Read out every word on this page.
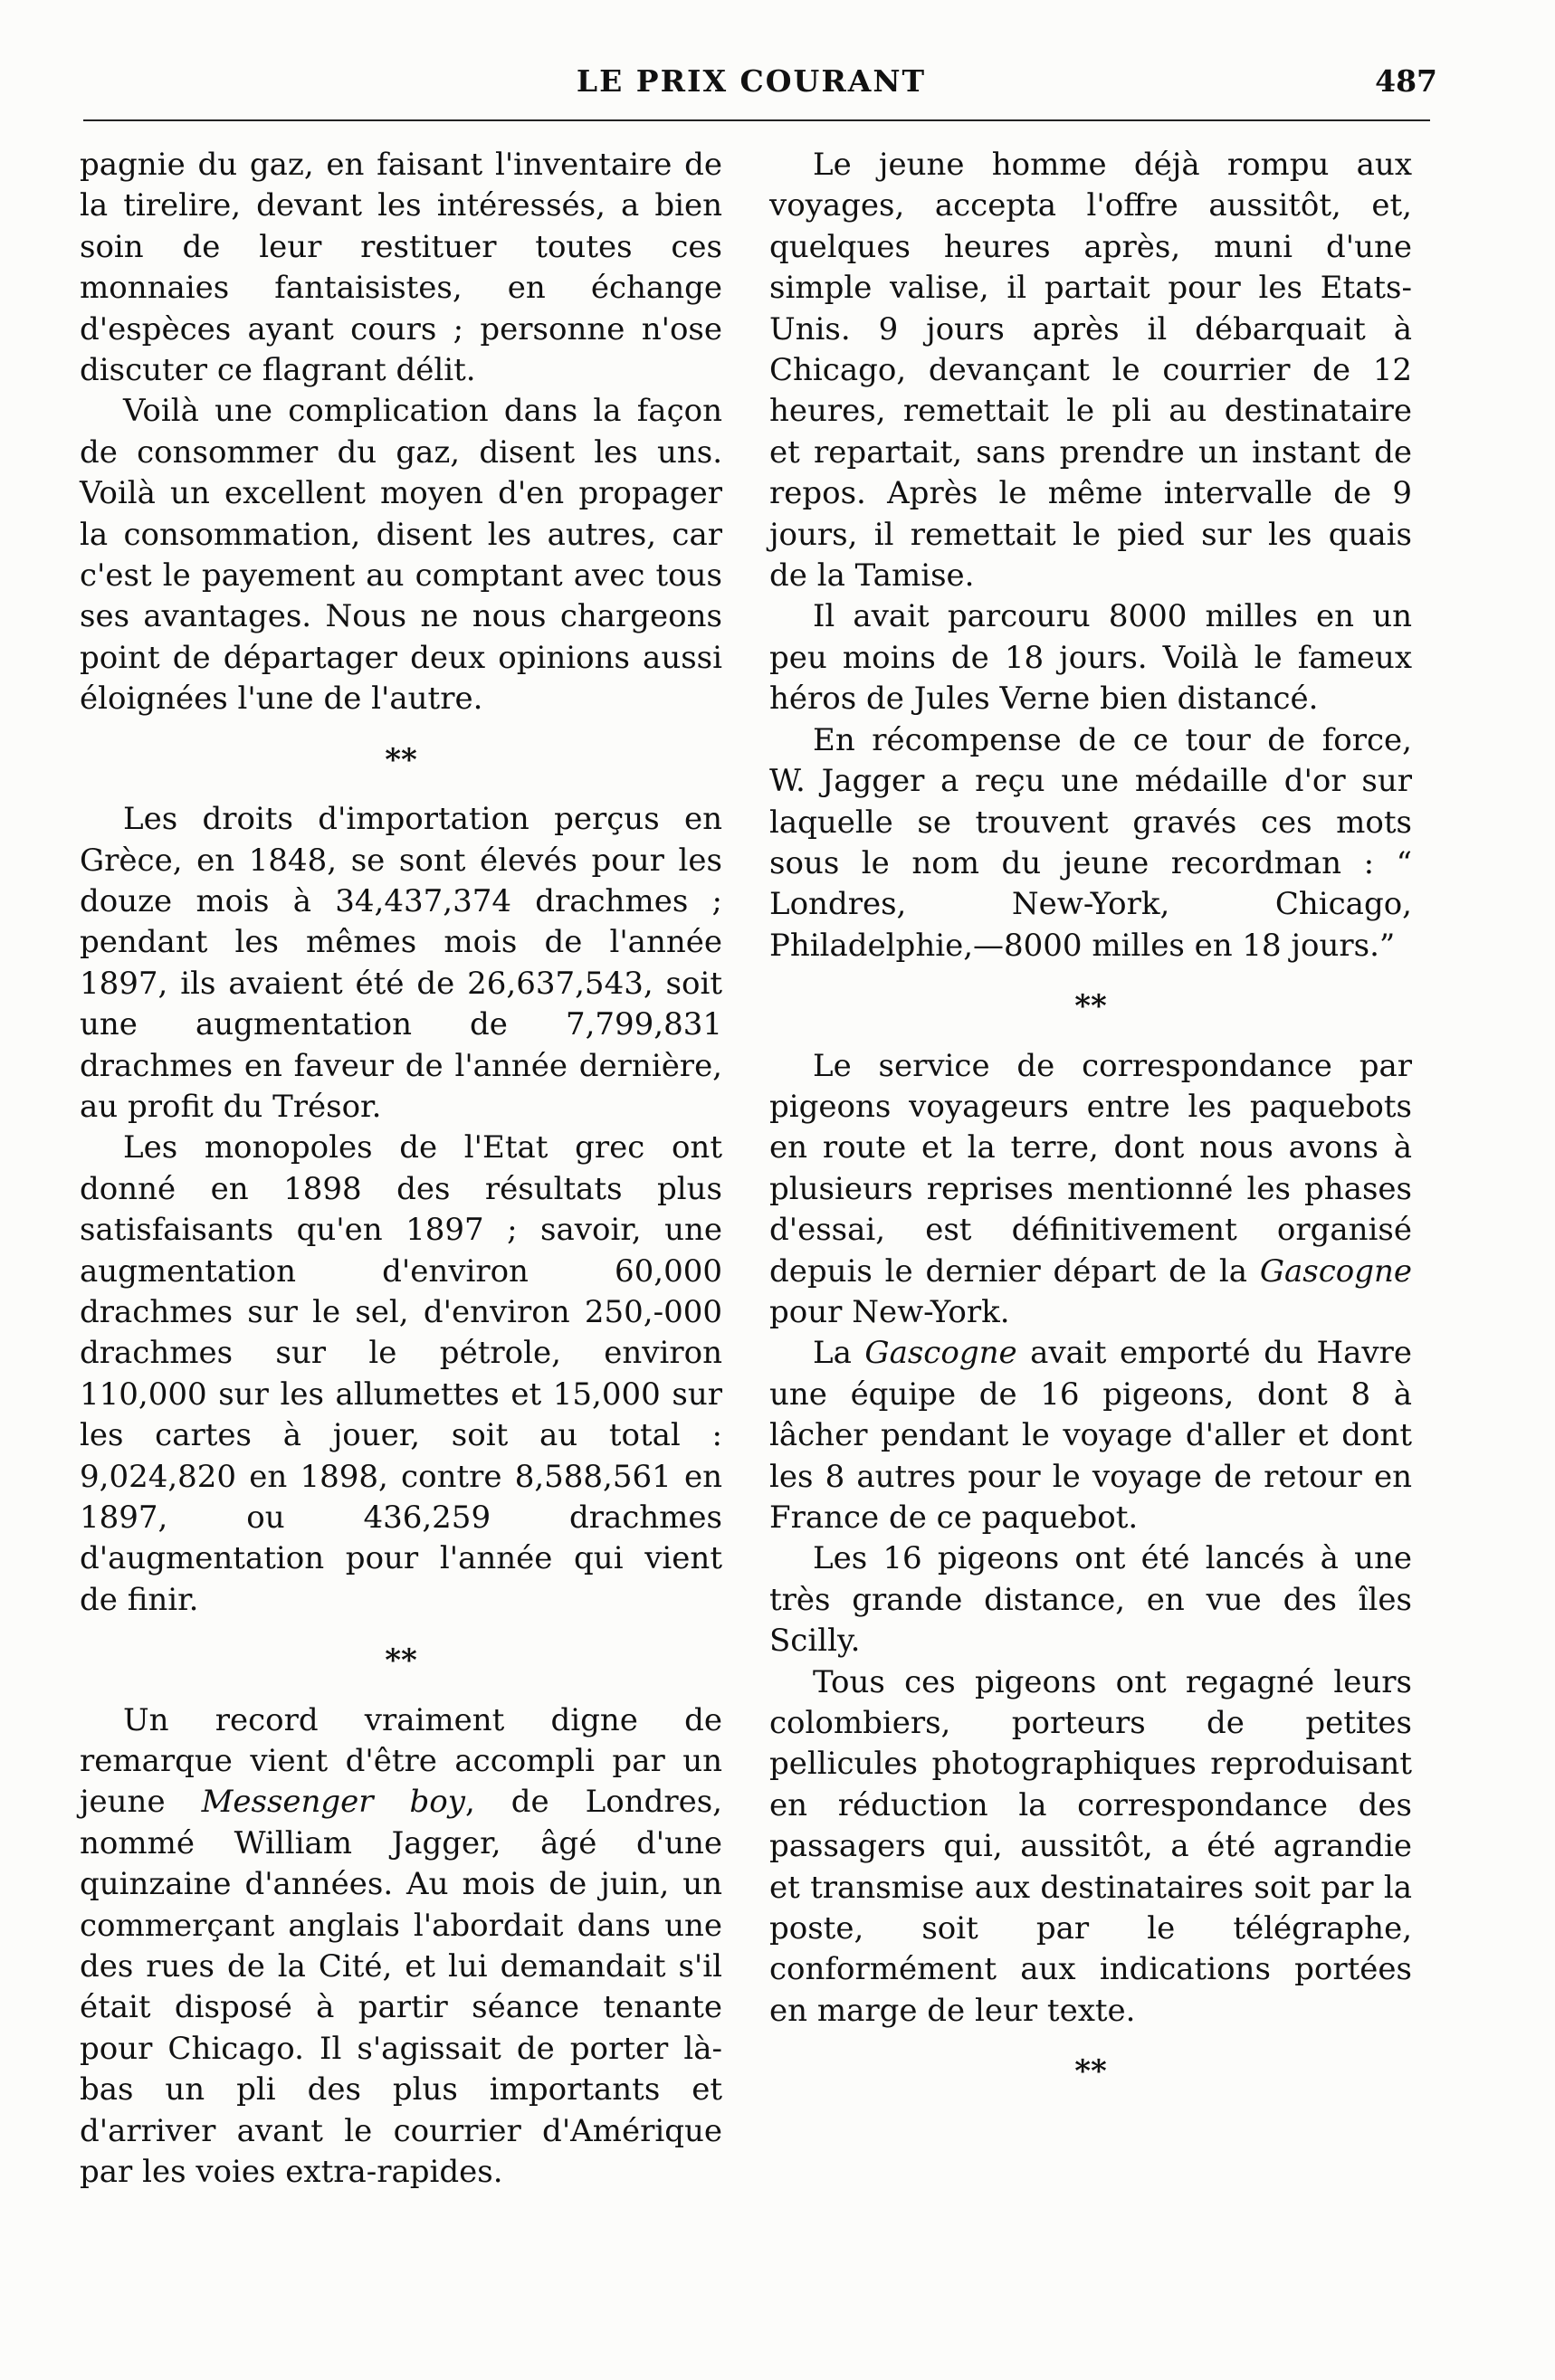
LE PRIX COURANT	487

pagnie du gaz, en faisant l'inventaire de la tirelire, devant les intéressés, a bien soin de leur restituer toutes ces monnaies fantaisistes, en échange d'espèces ayant cours ; personne n'ose discuter ce flagrant délit.

Voilà une complication dans la façon de consommer du gaz, disent les uns. Voilà un excellent moyen d'en propager la consommation, disent les autres, car c'est le payement au comptant avec tous ses avantages. Nous ne nous chargeons point de départager deux opinions aussi éloignées l'une de l'autre.

**

Les droits d'importation perçus en Grèce, en 1848, se sont élevés pour les douze mois à 34,437,374 drachmes ; pendant les mêmes mois de l'année 1897, ils avaient été de 26,637,543, soit une augmentation de 7,799,831 drachmes en faveur de l'année dernière, au profit du Trésor.

Les monopoles de l'Etat grec ont donné en 1898 des résultats plus satisfaisants qu'en 1897 ; savoir, une augmentation d'environ 60,000 drachmes sur le sel, d'environ 250,-000 drachmes sur le pétrole, environ 110,000 sur les allumettes et 15,000 sur les cartes à jouer, soit au total : 9,024,820 en 1898, contre 8,588,561 en 1897, ou 436,259 drachmes d'augmentation pour l'année qui vient de finir.

**

Un record vraiment digne de remarque vient d'être accompli par un jeune Messenger boy, de Londres, nommé William Jagger, âgé d'une quinzaine d'années. Au mois de juin, un commerçant anglais l'abordait dans une des rues de la Cité, et lui demandait s'il était disposé à partir séance tenante pour Chicago. Il s'agissait de porter là-bas un pli des plus importants et d'arriver avant le courrier d'Amérique par les voies extra-rapides.

Le jeune homme déjà rompu aux voyages, accepta l'offre aussitôt, et, quelques heures après, muni d'une simple valise, il partait pour les Etats-Unis. 9 jours après il débarquait à Chicago, devançant le courrier de 12 heures, remettait le pli au destinataire et repartait, sans prendre un instant de repos. Après le même intervalle de 9 jours, il remettait le pied sur les quais de la Tamise.

Il avait parcouru 8000 milles en un peu moins de 18 jours. Voilà le fameux héros de Jules Verne bien distancé.

En récompense de ce tour de force, W. Jagger a reçu une médaille d'or sur laquelle se trouvent gravés ces mots sous le nom du jeune recordman : “ Londres, New-York, Chicago, Philadelphie,—8000 milles en 18 jours.”

**

Le service de correspondance par pigeons voyageurs entre les paquebots en route et la terre, dont nous avons à plusieurs reprises mentionné les phases d'essai, est définitivement organisé depuis le dernier départ de la Gascogne pour New-York.

La Gascogne avait emporté du Havre une équipe de 16 pigeons, dont 8 à lâcher pendant le voyage d'aller et dont les 8 autres pour le voyage de retour en France de ce paquebot.

Les 16 pigeons ont été lancés à une très grande distance, en vue des îles Scilly.

Tous ces pigeons ont regagné leurs colombiers, porteurs de petites pellicules photographiques reproduisant en réduction la correspondance des passagers qui, aussitôt, a été agrandie et transmise aux destinataires soit par la poste, soit par le télégraphe, conformément aux indications portées en marge de leur texte.

**
